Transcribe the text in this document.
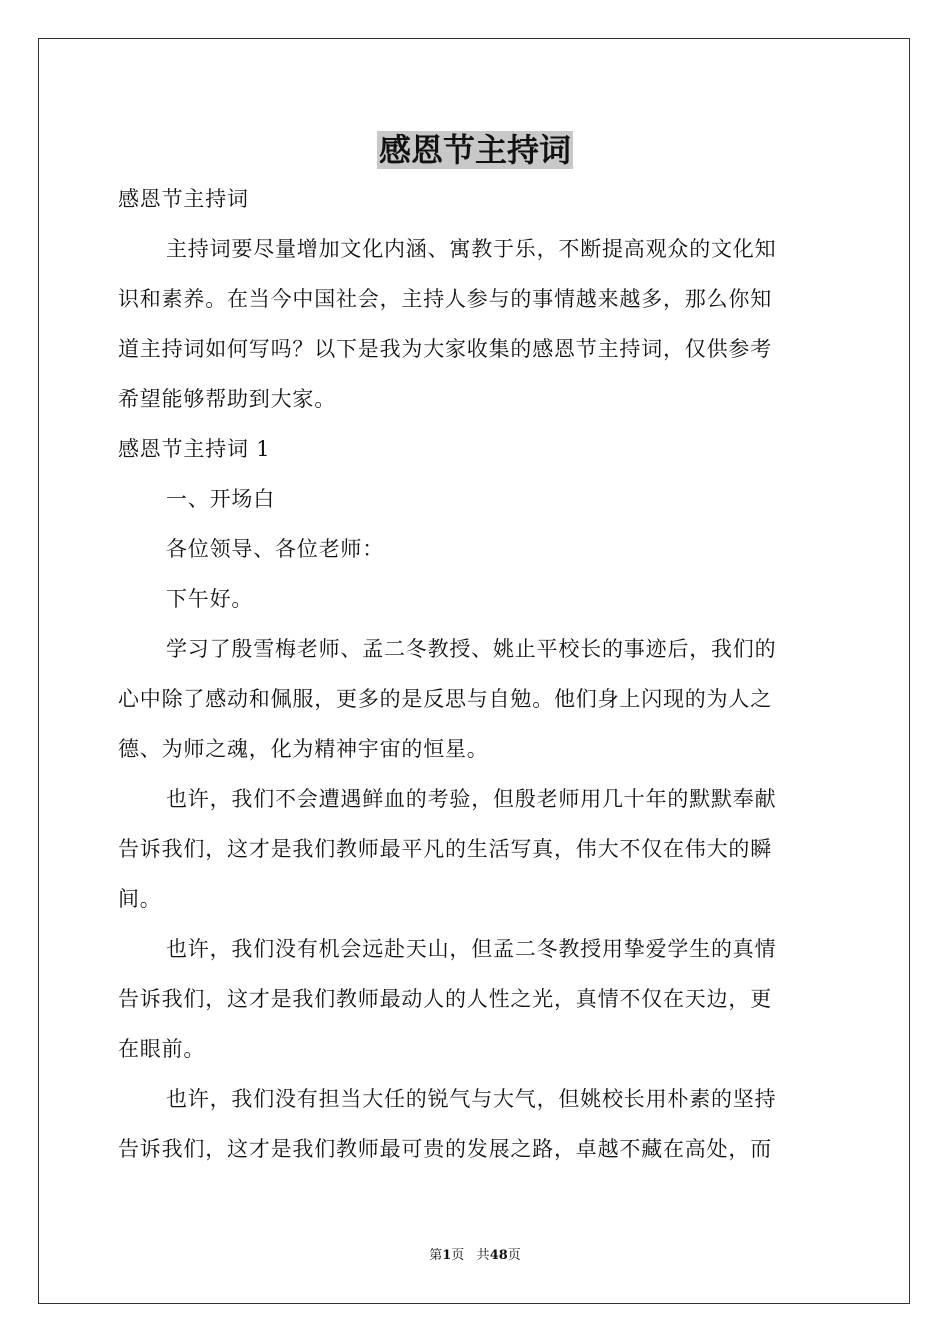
感恩节主持词

感恩节主持词

主持词要尽量增加文化内涵、寓教于乐，不断提高观众的文化知

识和素养。在当今中国社会，主持人参与的事情越来越多，那么你知

道主持词如何写吗？以下是我为大家收集的感恩节主持词，仅供参考

希望能够帮助到大家。

感恩节主持词 1

一、开场白

各位领导、各位老师：

下午好。

学习了殷雪梅老师、孟二冬教授、姚止平校长的事迹后，我们的

心中除了感动和佩服，更多的是反思与自勉。他们身上闪现的为人之

德、为师之魂，化为精神宇宙的恒星。

也许，我们不会遭遇鲜血的考验，但殷老师用几十年的默默奉献

告诉我们，这才是我们教师最平凡的生活写真，伟大不仅在伟大的瞬

间。

也许，我们没有机会远赴天山，但孟二冬教授用挚爱学生的真情

告诉我们，这才是我们教师最动人的人性之光，真情不仅在天边，更

在眼前。

也许，我们没有担当大任的锐气与大气，但姚校长用朴素的坚持

告诉我们，这才是我们教师最可贵的发展之路，卓越不藏在高处，而

第1页 共48页
